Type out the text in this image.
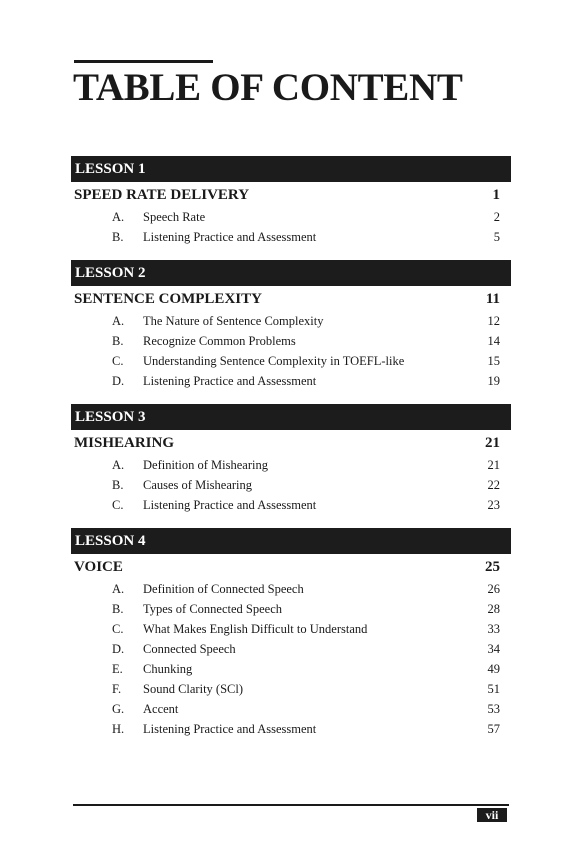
TABLE OF CONTENT
LESSON 1
SPEED RATE DELIVERY	1
A.	Speech Rate	2
B.	Listening Practice and Assessment	5
LESSON 2
SENTENCE COMPLEXITY	11
A.	The Nature of Sentence Complexity	12
B.	Recognize Common Problems	14
C.	Understanding Sentence Complexity in TOEFL-like	15
D.	Listening Practice and Assessment	19
LESSON 3
MISHEARING	21
A.	Definition of Mishearing	21
B.	Causes of Mishearing	22
C.	Listening Practice and Assessment	23
LESSON 4
VOICE	25
A.	Definition of Connected Speech	26
B.	Types of Connected Speech	28
C.	What Makes English Difficult to Understand	33
D.	Connected Speech	34
E.	Chunking	49
F.	Sound Clarity (SCl)	51
G.	Accent	53
H.	Listening Practice and Assessment	57
vii
